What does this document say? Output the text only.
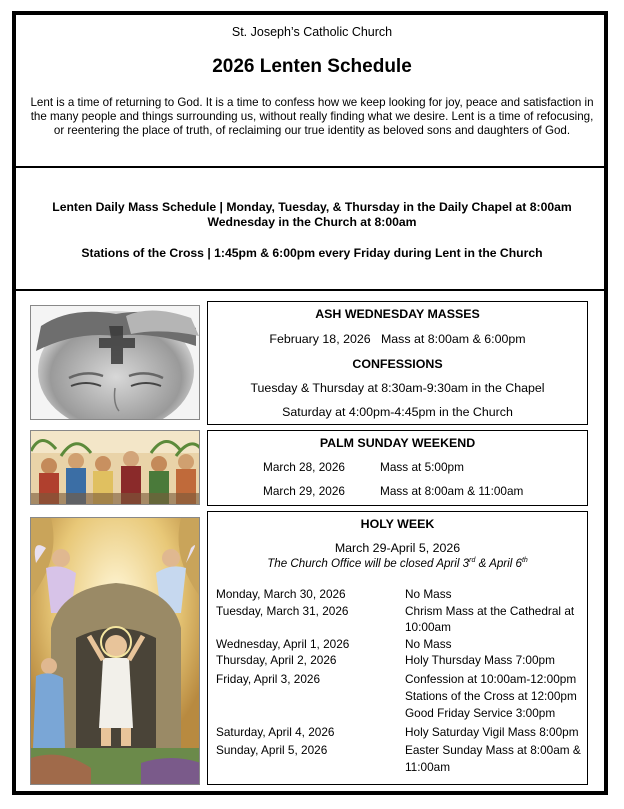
St. Joseph’s Catholic Church
2026 Lenten Schedule
Lent is a time of returning to God. It is a time to confess how we keep looking for joy, peace and satisfaction in the many people and things surrounding us, without really finding what we desire. Lent is a time of refocusing, or reentering the place of truth, of reclaiming our true identity as beloved sons and daughters of God.
Lenten Daily Mass Schedule | Monday, Tuesday, & Thursday in the Daily Chapel at 8:00am
Wednesday in the Church at 8:00am
Stations of the Cross | 1:45pm & 6:00pm every Friday during Lent in the Church
ASH WEDNESDAY MASSES
February 18, 2026   Mass at 8:00am & 6:00pm
CONFESSIONS
Tuesday & Thursday at 8:30am-9:30am in the Chapel
Saturday at 4:00pm-4:45pm in the Church
PALM SUNDAY WEEKEND
March 28, 2026	Mass at 5:00pm
March 29, 2026	Mass at 8:00am & 11:00am
HOLY WEEK
March 29-April 5, 2026
The Church Office will be closed April 3rd & April 6th
Monday, March 30, 2026	No Mass
Tuesday, March 31, 2026	Chrism Mass at the Cathedral at
10:00am
Wednesday, April 1, 2026	No Mass
Thursday, April 2, 2026	Holy Thursday Mass 7:00pm
Friday, April 3, 2026	Confession at 10:00am-12:00pm
Stations of the Cross at 12:00pm
Good Friday Service 3:00pm
Saturday, April 4, 2026	Holy Saturday Vigil Mass 8:00pm
Sunday, April 5, 2026	Easter Sunday Mass at 8:00am &
11:00am
